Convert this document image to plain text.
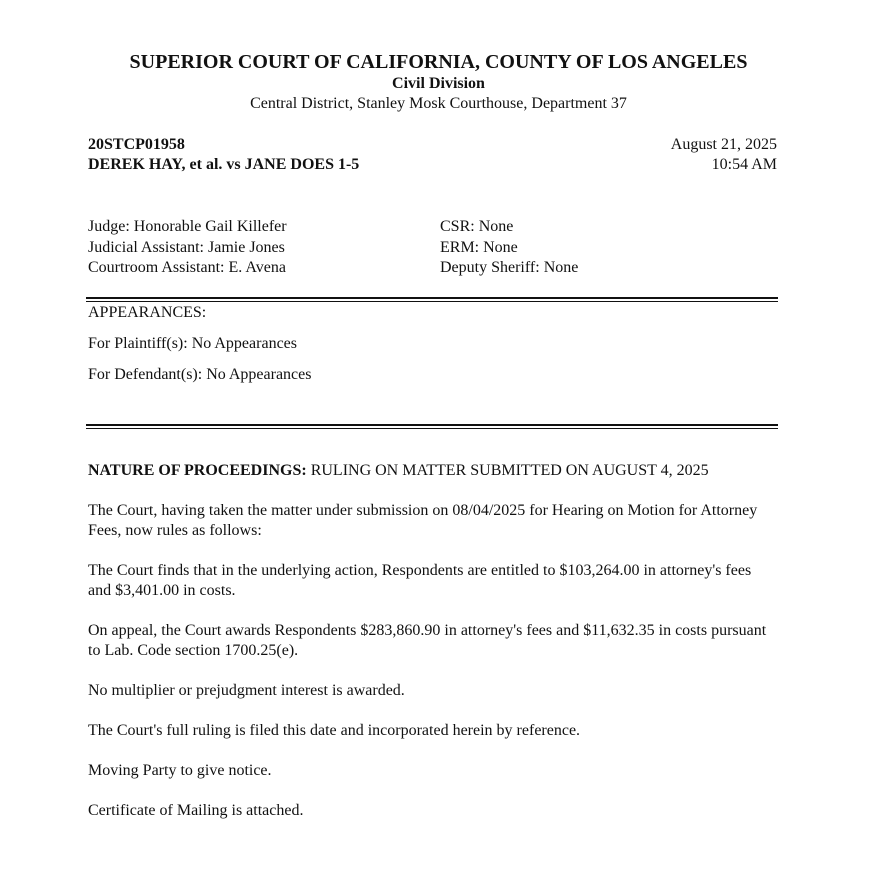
SUPERIOR COURT OF CALIFORNIA, COUNTY OF LOS ANGELES
Civil Division
Central District, Stanley Mosk Courthouse, Department 37
20STCP01958
DEREK HAY, et al. vs JANE DOES 1-5
August 21, 2025
10:54 AM
Judge: Honorable Gail Killefer
Judicial Assistant: Jamie Jones
Courtroom Assistant: E. Avena
CSR: None
ERM: None
Deputy Sheriff: None
APPEARANCES:
For Plaintiff(s): No Appearances
For Defendant(s): No Appearances

NATURE OF PROCEEDINGS: RULING ON MATTER SUBMITTED ON AUGUST 4, 2025

The Court, having taken the matter under submission on 08/04/2025 for Hearing on Motion for Attorney Fees, now rules as follows:

The Court finds that in the underlying action, Respondents are entitled to $103,264.00 in attorney's fees and $3,401.00 in costs.

On appeal, the Court awards Respondents $283,860.90 in attorney's fees and $11,632.35 in costs pursuant to Lab. Code section 1700.25(e).

No multiplier or prejudgment interest is awarded.

The Court's full ruling is filed this date and incorporated herein by reference.

Moving Party to give notice.

Certificate of Mailing is attached.
